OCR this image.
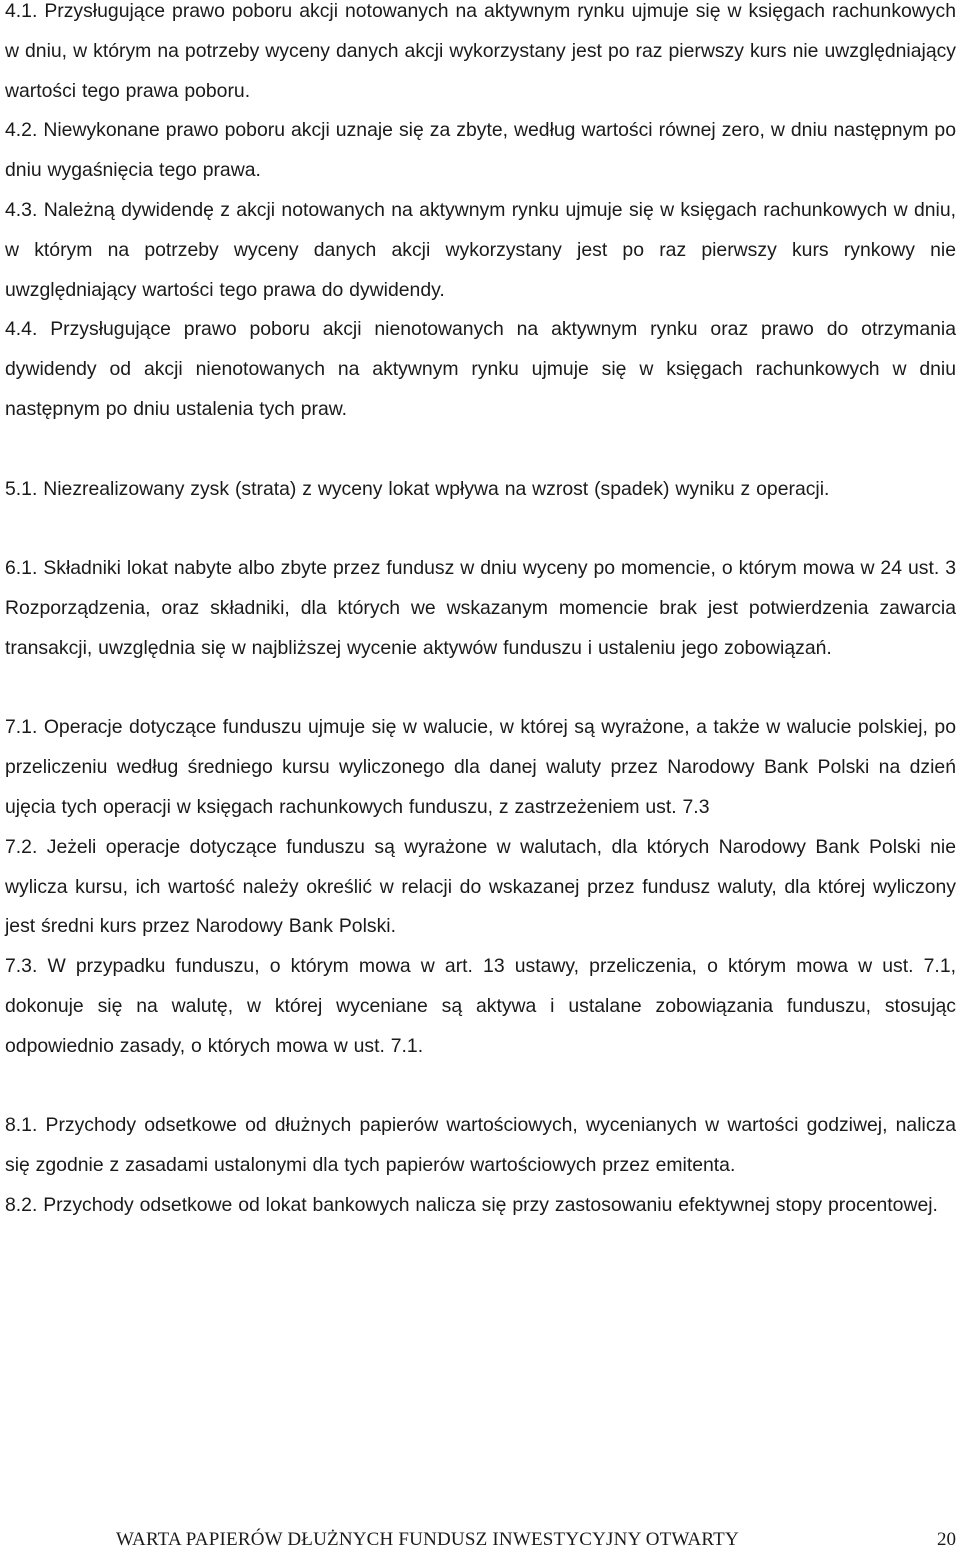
4.1. Przysługujące prawo poboru akcji notowanych na aktywnym rynku ujmuje się w księgach rachunkowych w dniu, w którym na potrzeby wyceny danych akcji wykorzystany jest po raz pierwszy kurs nie uwzględniający wartości tego prawa poboru.

4.2. Niewykonane prawo poboru akcji uznaje się za zbyte, według wartości równej zero, w dniu następnym po dniu wygaśnięcia tego prawa.

4.3. Należną dywidendę z akcji notowanych na aktywnym rynku ujmuje się w księgach rachunkowych w dniu, w którym na potrzeby wyceny danych akcji wykorzystany jest po raz pierwszy kurs rynkowy nie uwzględniający wartości tego prawa do dywidendy.

4.4. Przysługujące prawo poboru akcji nienotowanych na aktywnym rynku oraz prawo do otrzymania dywidendy od akcji nienotowanych na aktywnym rynku ujmuje się w księgach rachunkowych w dniu następnym po dniu ustalenia tych praw.

5.1. Niezrealizowany zysk (strata) z wyceny lokat wpływa na wzrost (spadek) wyniku z operacji.

6.1. Składniki lokat nabyte albo zbyte przez fundusz w dniu wyceny po momencie, o którym mowa w 24 ust. 3 Rozporządzenia, oraz składniki, dla których we wskazanym momencie brak jest potwierdzenia zawarcia transakcji, uwzględnia się w najbliższej wycenie aktywów funduszu i ustaleniu jego zobowiązań.

7.1. Operacje dotyczące funduszu ujmuje się w walucie, w której są wyrażone, a także w walucie polskiej, po przeliczeniu według średniego kursu wyliczonego dla danej waluty przez Narodowy Bank Polski na dzień ujęcia tych operacji w księgach rachunkowych funduszu, z zastrzeżeniem ust. 7.3

7.2. Jeżeli operacje dotyczące funduszu są wyrażone w walutach, dla których Narodowy Bank Polski nie wylicza kursu, ich wartość należy określić w relacji do wskazanej przez fundusz waluty, dla której wyliczony jest średni kurs przez Narodowy Bank Polski.

7.3. W przypadku funduszu, o którym mowa w art. 13 ustawy, przeliczenia, o którym mowa w ust. 7.1, dokonuje się na walutę, w której wyceniane są aktywa i ustalane zobowiązania funduszu, stosując odpowiednio zasady, o których mowa w ust. 7.1.

8.1. Przychody odsetkowe od dłużnych papierów wartościowych, wycenianych w wartości godziwej, nalicza się zgodnie z zasadami ustalonymi dla tych papierów wartościowych przez emitenta.

8.2. Przychody odsetkowe od lokat bankowych nalicza się przy zastosowaniu efektywnej stopy procentowej.

WARTA PAPIERÓW DŁUŻNYCH FUNDUSZ INWESTYCYJNY OTWARTY	20
